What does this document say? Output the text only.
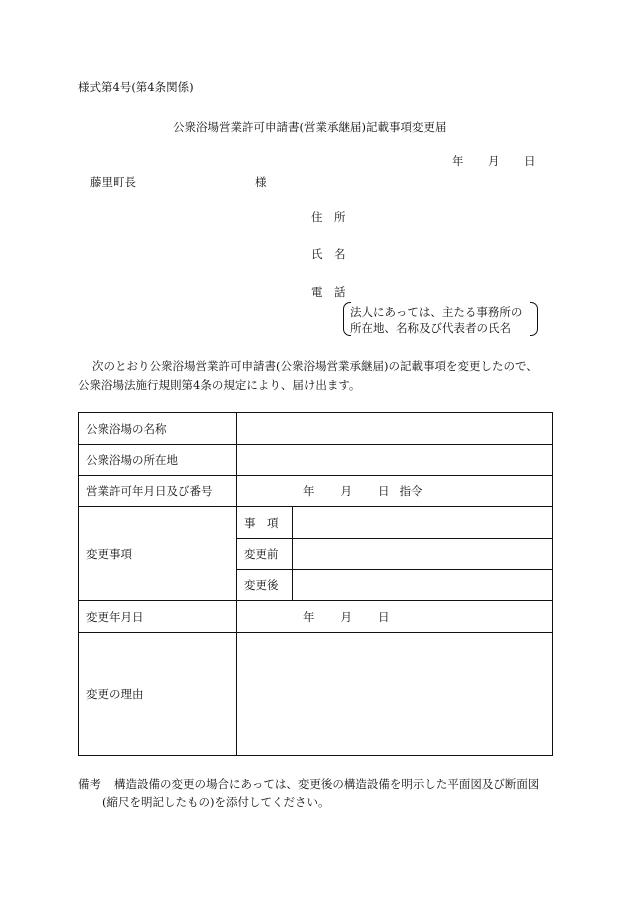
様式第4号(第4条関係)
公衆浴場営業許可申請書(営業承継届)記載事項変更届
年 月 日
藤里町長	様
住　所
氏　名
電　話
法人にあっては、主たる事務所の
所在地、名称及び代表者の氏名
次のとおり公衆浴場営業許可申請書(公衆浴場営業承継届)の記載事項を変更したので、
公衆浴場法施行規則第4条の規定により、届け出ます。
公衆浴場の名称		
公衆浴場の所在地		
営業許可年月日及び番号	年 月 日 指令	
変更事項	事　項	
	変更前	
	変更後	
変更年月日	年 月 日	
変更の理由		
備考 構造設備の変更の場合にあっては、変更後の構造設備を明示した平面図及び断面図
(縮尺を明記したもの)を添付してください。
